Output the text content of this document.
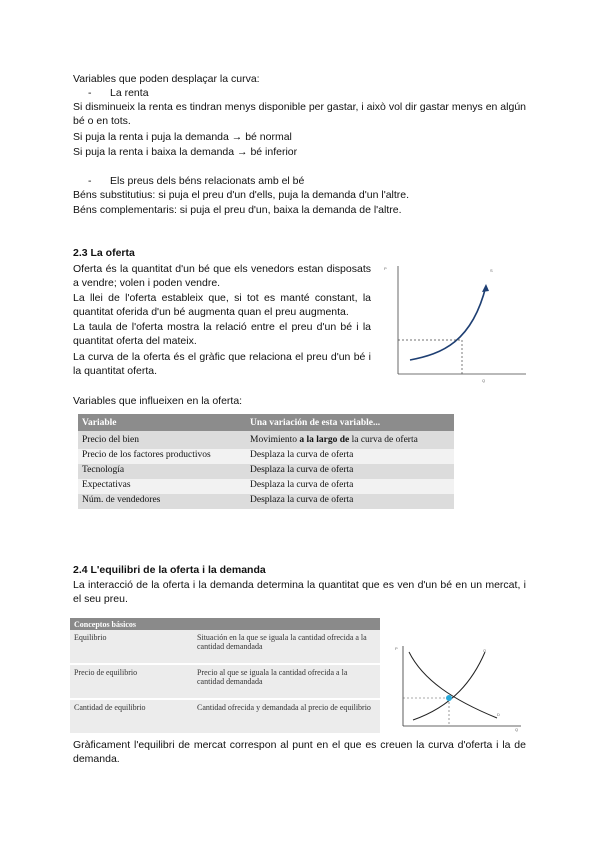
Variables que poden desplaçar la curva:
- La renta
Si disminueix la renta es tindran menys disponible per gastar, i això vol dir gastar menys en algún bé o en tots.
Si puja la renta i puja la demanda → bé normal
Si puja la renta i baixa la demanda → bé inferior
- Els preus dels béns relacionats amb el bé
Béns substitutius: si puja el preu d'un d'ells, puja la demanda d'un l'altre.
Béns complementaris: si puja el preu d'un, baixa la demanda de l'altre.
2.3 La oferta
Oferta és la quantitat d'un bé que els venedors estan disposats a vendre; volen i poden vendre.
La llei de l'oferta estableix que, si tot es manté constant, la quantitat oferida d'un bé augmenta quan el preu augmenta.
La taula de l'oferta mostra la relació entre el preu d'un bé i la quantitat oferta del mateix.
La curva de la oferta és el gràfic que relaciona el preu d'un bé i la quantitat oferta.
P	S
Q
Variables que influeixen en la oferta:
Variable	Una variación de esta variable...
Precio del bien	Movimiento a la largo de la curva de oferta
Precio de los factores productivos	Desplaza la curva de oferta
Tecnología	Desplaza la curva de oferta
Expectativas	Desplaza la curva de oferta
Núm. de vendedores	Desplaza la curva de oferta
2.4 L'equilibri de la oferta i la demanda
La interacció de la oferta i la demanda determina la quantitat que es ven d'un bé en un mercat, i el seu preu.
Conceptos básicos	
Equilibrio	Situación en la que se iguala la cantidad ofrecida a la cantidad demandada
Precio de equilibrio	Precio al que se iguala la cantidad ofrecida a la cantidad demandada
Cantidad de equilibrio	Cantidad ofrecida y demandada al precio de equilibrio
P	O
D
Q
Gràficament l'equilibri de mercat correspon al punt en el que es creuen la curva d'oferta i la de demanda.
